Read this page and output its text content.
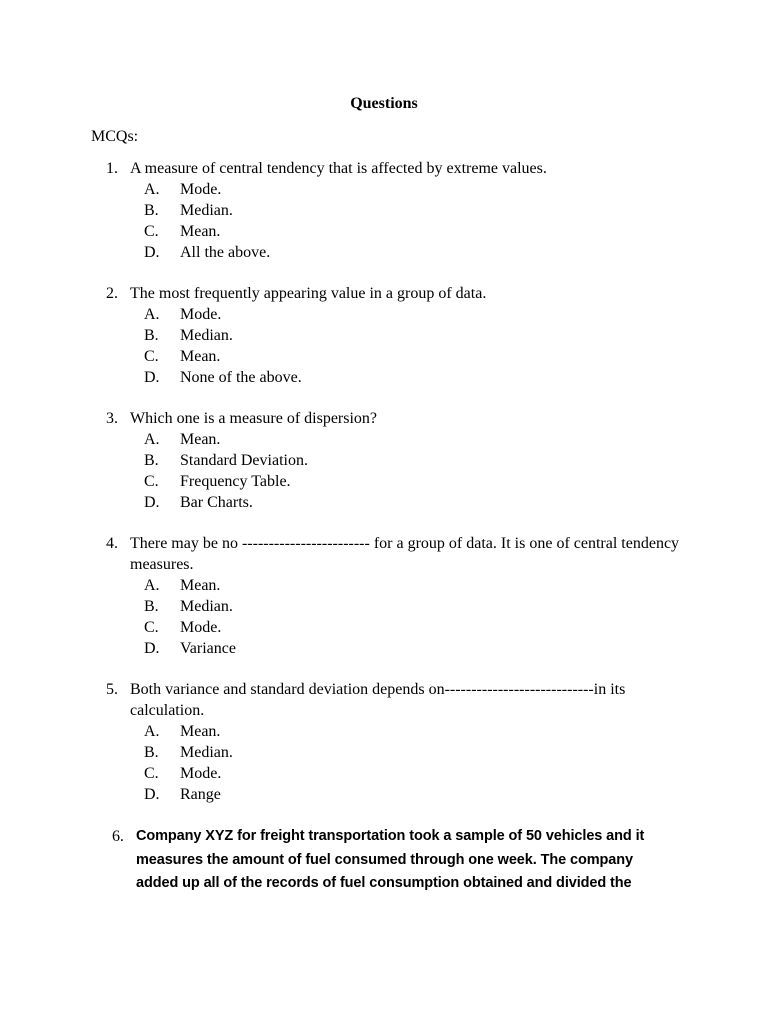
Questions
MCQs:
1. A measure of central tendency that is affected by extreme values.
A. Mode.
B. Median.
C. Mean.
D. All the above.
2. The most frequently appearing value in a group of data.
A. Mode.
B. Median.
C. Mean.
D. None of the above.
3. Which one is a measure of dispersion?
A. Mean.
B. Standard Deviation.
C. Frequency Table.
D. Bar Charts.
4. There may be no ------------------------ for a group of data. It is one of central tendency measures.
A. Mean.
B. Median.
C. Mode.
D. Variance
5. Both variance and standard deviation depends on----------------------------in its calculation.
A. Mean.
B. Median.
C. Mode.
D. Range
6. Company XYZ for freight transportation took a sample of 50 vehicles and it measures the amount of fuel consumed through one week. The company added up all of the records of fuel consumption obtained and divided the
